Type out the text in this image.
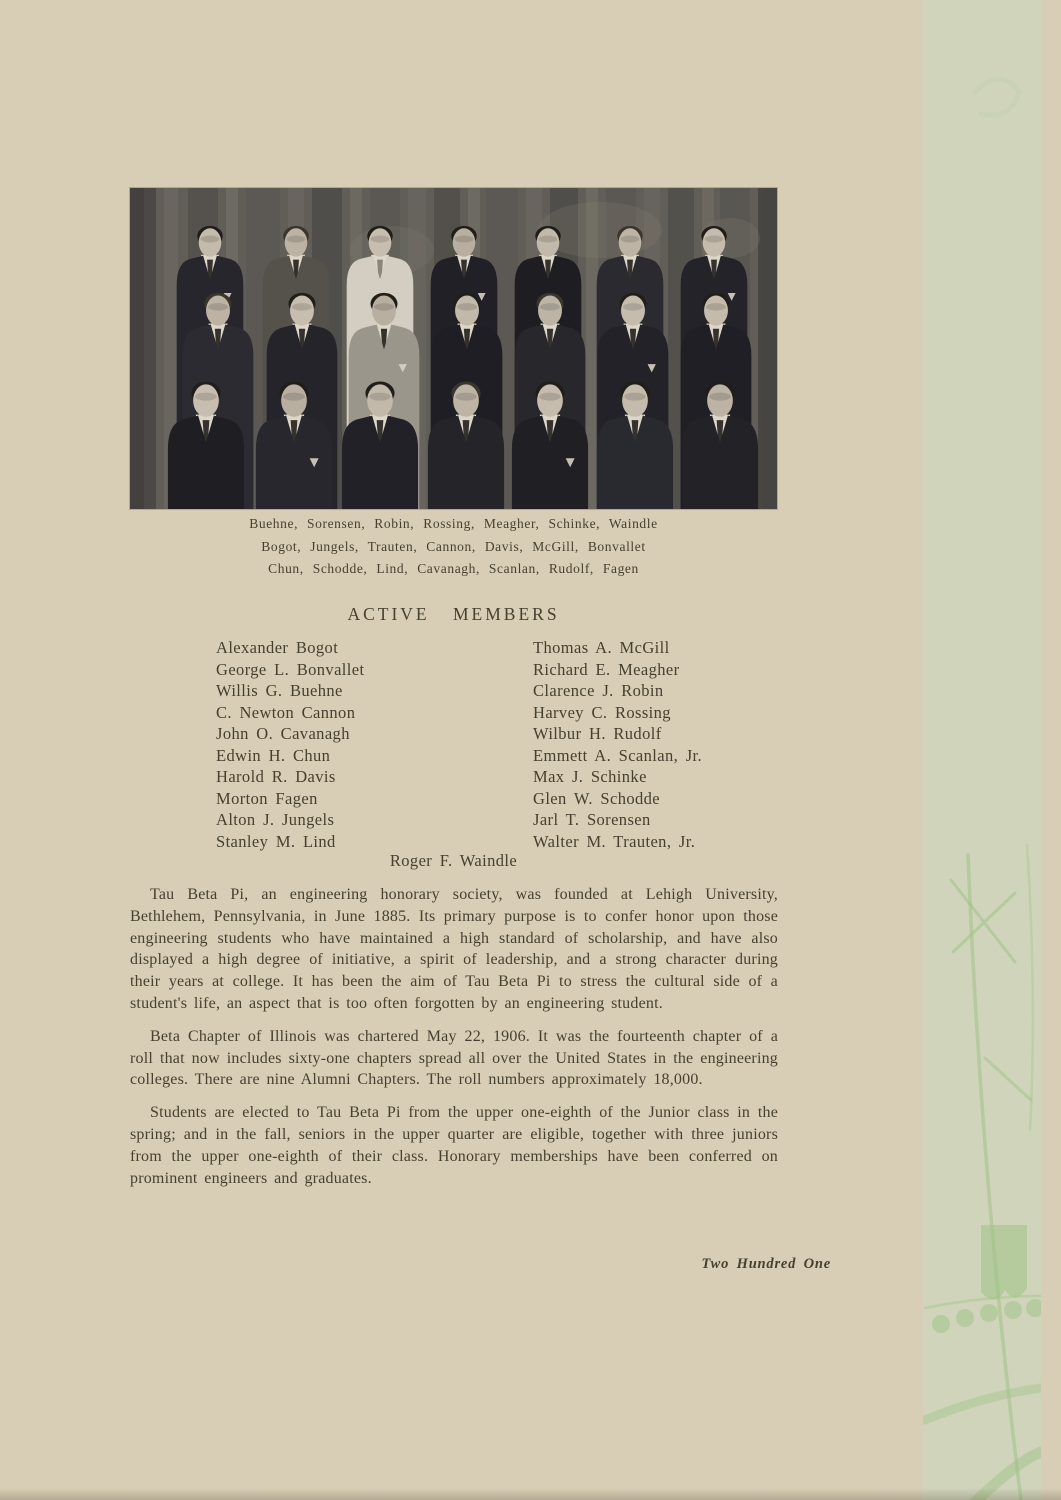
Buehne, Sorensen, Robin, Rossing, Meagher, Schinke, Waindle
Bogot, Jungels, Trauten, Cannon, Davis, McGill, Bonvallet
Chun, Schodde, Lind, Cavanagh, Scanlan, Rudolf, Fagen
ACTIVE MEMBERS
Alexander Bogot
George L. Bonvallet
Willis G. Buehne
C. Newton Cannon
John O. Cavanagh
Edwin H. Chun
Harold R. Davis
Morton Fagen
Alton J. Jungels
Stanley M. Lind
Thomas A. McGill
Richard E. Meagher
Clarence J. Robin
Harvey C. Rossing
Wilbur H. Rudolf
Emmett A. Scanlan, Jr.
Max J. Schinke
Glen W. Schodde
Jarl T. Sorensen
Walter M. Trauten, Jr.
Roger F. Waindle
Tau Beta Pi, an engineering honorary society, was founded at Lehigh University, Bethlehem, Pennsylvania, in June 1885. Its primary purpose is to confer honor upon those engineering students who have maintained a high standard of scholarship, and have also displayed a high degree of initiative, a spirit of leadership, and a strong character during their years at college. It has been the aim of Tau Beta Pi to stress the cultural side of a student's life, an aspect that is too often forgotten by an engineering student.
Beta Chapter of Illinois was chartered May 22, 1906. It was the fourteenth chapter of a roll that now includes sixty-one chapters spread all over the United States in the engineering colleges. There are nine Alumni Chapters. The roll numbers approximately 18,000.
Students are elected to Tau Beta Pi from the upper one-eighth of the Junior class in the spring; and in the fall, seniors in the upper quarter are eligible, together with three juniors from the upper one-eighth of their class. Honorary memberships have been conferred on prominent engineers and graduates.
Two Hundred One
